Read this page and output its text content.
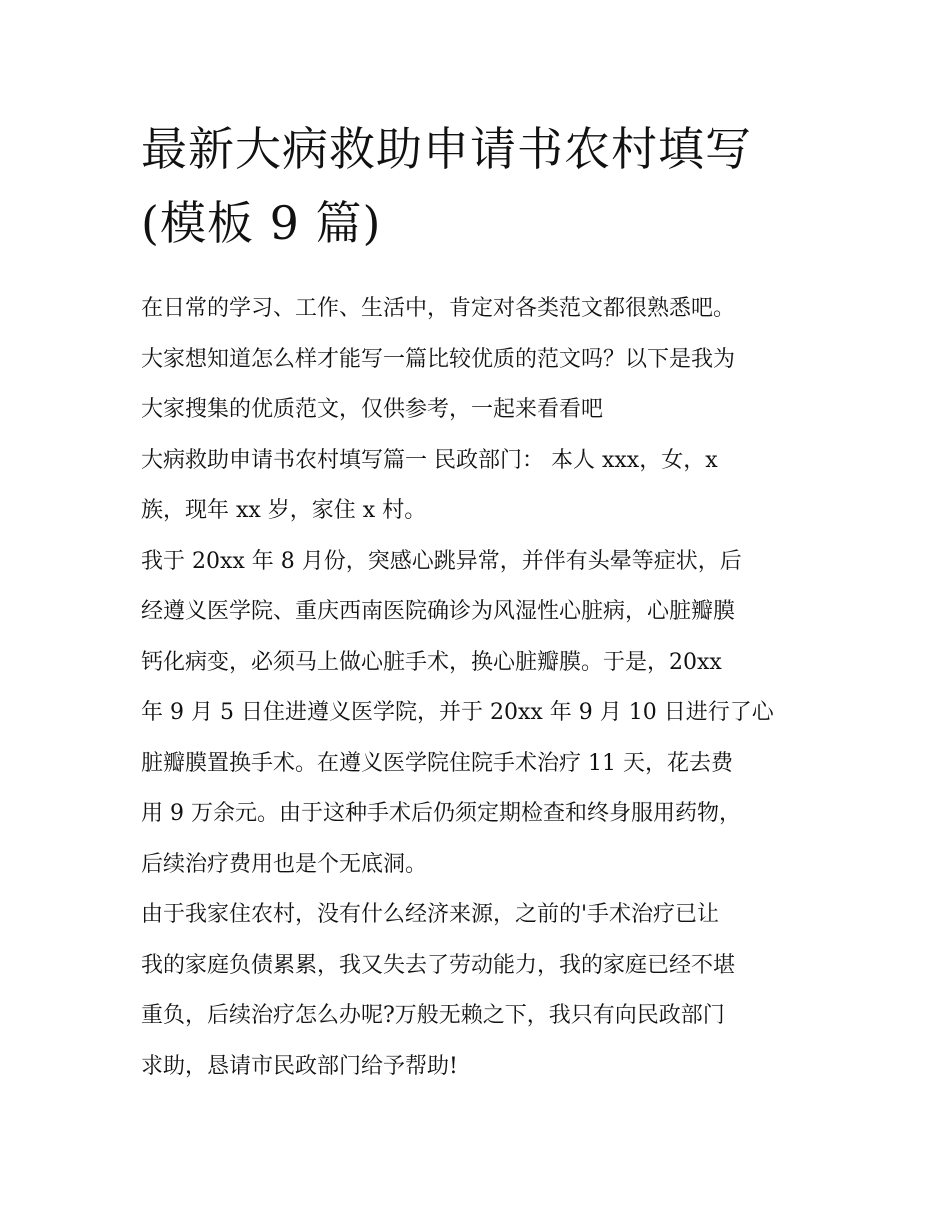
最新大病救助申请书农村填写
(模板 9 篇)

在日常的学习、工作、生活中，肯定对各类范文都很熟悉吧。
大家想知道怎么样才能写一篇比较优质的范文吗？以下是我为
大家搜集的优质范文，仅供参考，一起来看看吧

大病救助申请书农村填写篇一 民政部门： 本人 xxx，女，x
族，现年 xx 岁，家住 x 村。

我于 20xx 年 8 月份，突感心跳异常，并伴有头晕等症状，后
经遵义医学院、重庆西南医院确诊为风湿性心脏病，心脏瓣膜
钙化病变，必须马上做心脏手术，换心脏瓣膜。于是，20xx
年 9 月 5 日住进遵义医学院，并于 20xx 年 9 月 10 日进行了心
脏瓣膜置换手术。在遵义医学院住院手术治疗 11 天，花去费
用 9 万余元。由于这种手术后仍须定期检查和终身服用药物，
后续治疗费用也是个无底洞。

由于我家住农村，没有什么经济来源，之前的'手术治疗已让
我的家庭负债累累，我又失去了劳动能力，我的家庭已经不堪
重负，后续治疗怎么办呢?万般无赖之下，我只有向民政部门
求助，恳请市民政部门给予帮助!
